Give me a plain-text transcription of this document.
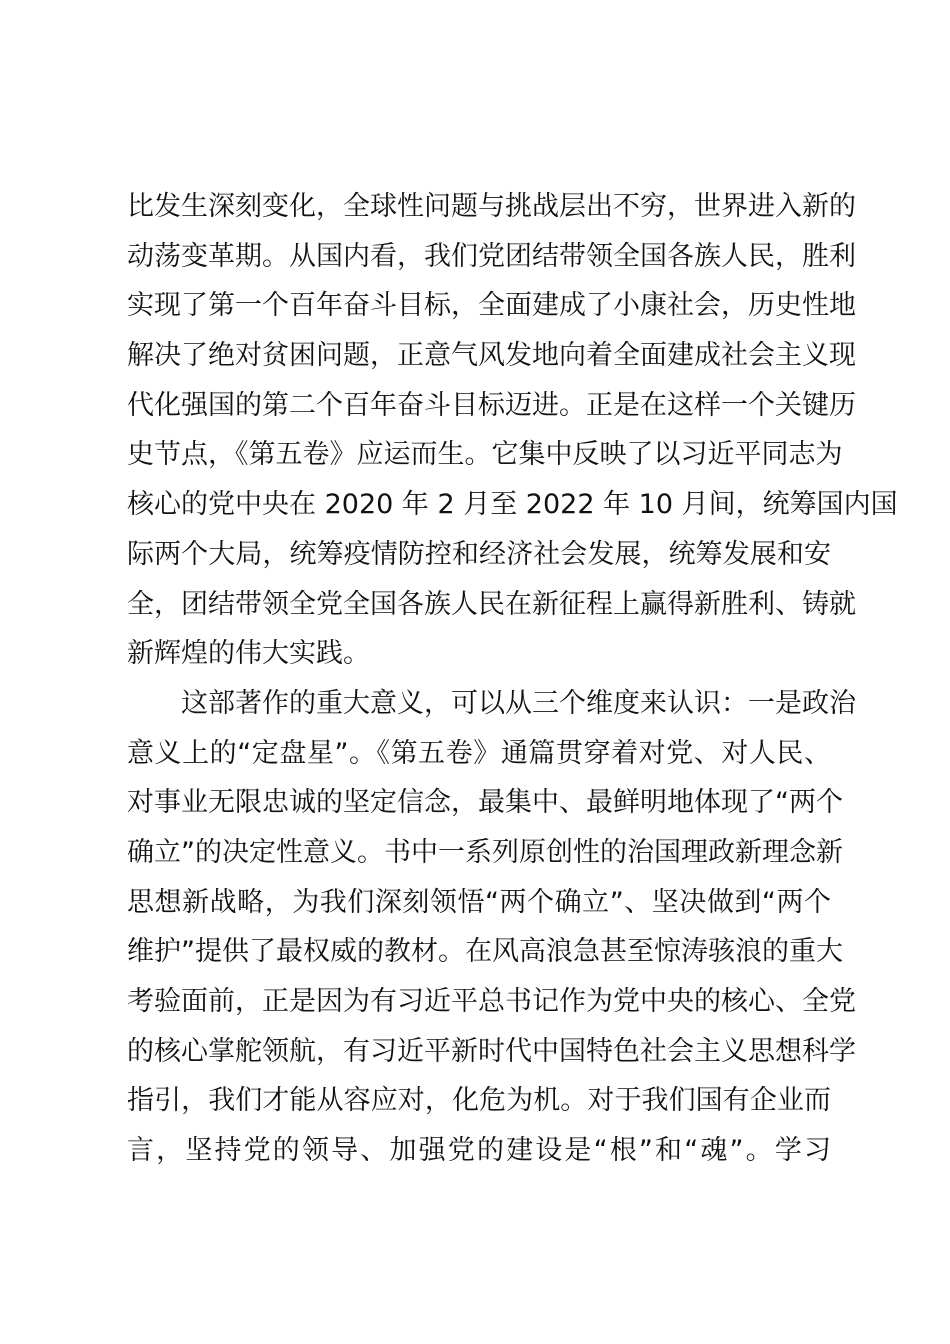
比发生深刻变化，全球性问题与挑战层出不穷，世界进入新的
动荡变革期。从国内看，我们党团结带领全国各族人民，胜利
实现了第一个百年奋斗目标，全面建成了小康社会，历史性地
解决了绝对贫困问题，正意气风发地向着全面建成社会主义现
代化强国的第二个百年奋斗目标迈进。正是在这样一个关键历
史节点，《第五卷》应运而生。它集中反映了以习近平同志为
核心的党中央在 2020 年 2 月至 2022 年 10 月间，统筹国内国
际两个大局，统筹疫情防控和经济社会发展，统筹发展和安
全，团结带领全党全国各族人民在新征程上赢得新胜利、铸就
新辉煌的伟大实践。
这部著作的重大意义，可以从三个维度来认识：一是政治
意义上的“定盘星”。《第五卷》通篇贯穿着对党、对人民、
对事业无限忠诚的坚定信念，最集中、最鲜明地体现了“两个
确立”的决定性意义。书中一系列原创性的治国理政新理念新
思想新战略，为我们深刻领悟“两个确立”、坚决做到“两个
维护”提供了最权威的教材。在风高浪急甚至惊涛骇浪的重大
考验面前，正是因为有习近平总书记作为党中央的核心、全党
的核心掌舵领航，有习近平新时代中国特色社会主义思想科学
指引，我们才能从容应对，化危为机。对于我们国有企业而
言，坚持党的领导、加强党的建设是“根”和“魂”。学习
